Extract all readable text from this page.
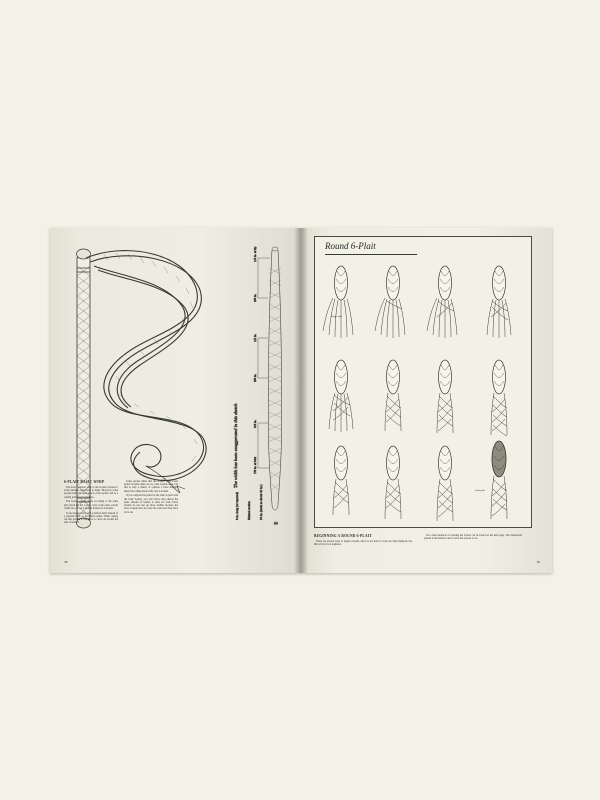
The width has been exaggerated in this sketch
1/4 in. at tip
3/8 in.
1/2 in.
5/8 in.
3/4 in.
7/8 in. at butt
8 in. long (or tapered)	Plaited section	34 in. (such as about 42 in.)
(a)
6-PLAIT BASIC WHIP

The most common whip is the 6-plait, because it is the quickest and easiest to make. However, some people prefer the appearance of the 4-plait, and so a cutting plan is included here.

The 6-plait can be made according to the same plan given for the 4-plait. Give it the same overall width, but cut out 6 strands instead of 4 strands.

It can also be made with a built-in belly instead of a separate belly as described earlier. When cutting out this pattern it will have to curve all around the side of leather.

Some people think that the 6-plait whip looks neater because there are no wide strands used, but this is only a matter of opinion. I have handled many fine whips made with only 4 strands.

If you compare the plans for the basic 4-plait with the basic 6-plait, you will notice that almost the same amount of leather is used for both. Extra strands do not use up more leather because the more strands that are used the narrower they have to be cut.

38
Round 6-Plait
Single plait
Sand plait
BEGINNING A ROUND 6-PLAIT

There are several ways to begin a 6-plait, and it is not hard to work out other methods, but this will do for a beginner.

Two other methods of working the 6-plait can be found on the next page. The chessboard pattern is the neatest, but it is also the slowest to do.

39
